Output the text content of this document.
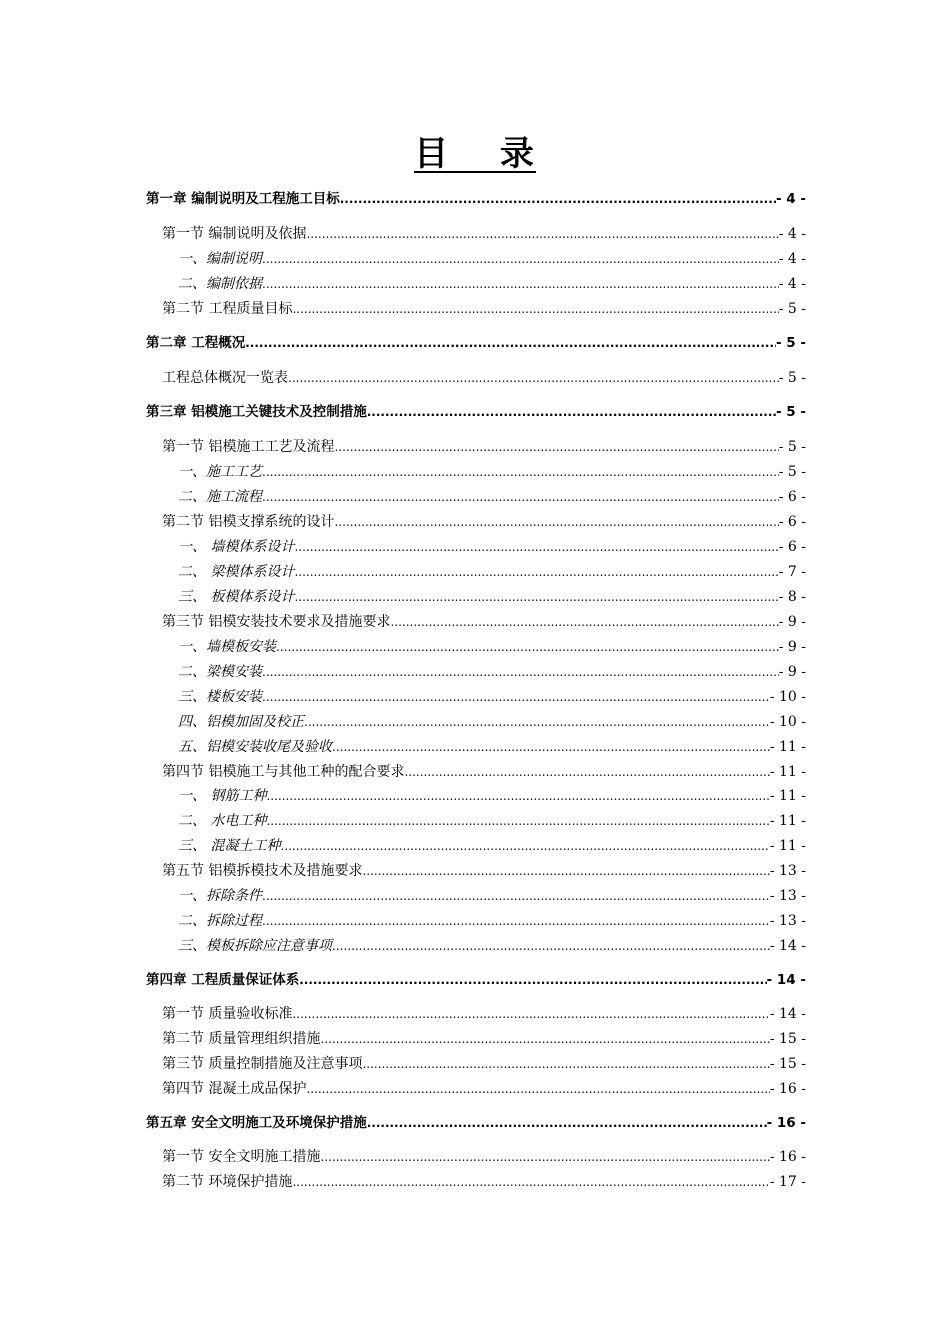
目　 录
第一章 编制说明及工程施工目标 .....	- 4 -
第一节 编制说明及依据 .....	- 4 -
一、编制说明 .....	- 4 -
二、编制依据 .....	- 4 -
第二节 工程质量目标 .....	- 5 -
第二章 工程概况 .....	- 5 -
工程总体概况一览表 .....	- 5 -
第三章 铝模施工关键技术及控制措施 .....	- 5 -
第一节 铝模施工工艺及流程 .....	- 5 -
一、施工工艺 .....	- 5 -
二、施工流程 .....	- 6 -
第二节 铝模支撑系统的设计 .....	- 6 -
一、 墙模体系设计 .....	- 6 -
二、 梁模体系设计 .....	- 7 -
三、 板模体系设计 .....	- 8 -
第三节 铝模安装技术要求及措施要求 .....	- 9 -
一、墙模板安装 .....	- 9 -
二、梁模安装 .....	- 9 -
三、楼板安装 .....	- 10 -
四、铝模加固及校正 .....	- 10 -
五、铝模安装收尾及验收 .....	- 11 -
第四节 铝模施工与其他工种的配合要求 .....	- 11 -
一、 钢筋工种 .....	- 11 -
二、 水电工种 .....	- 11 -
三、 混凝土工种 .....	- 11 -
第五节 铝模拆模技术及措施要求 .....	- 13 -
一、拆除条件 .....	- 13 -
二、拆除过程 .....	- 13 -
三、模板拆除应注意事项 .....	- 14 -
第四章 工程质量保证体系 .....	- 14 -
第一节 质量验收标准 .....	- 14 -
第二节 质量管理组织措施 .....	- 15 -
第三节 质量控制措施及注意事项 .....	- 15 -
第四节 混凝土成品保护 .....	- 16 -
第五章 安全文明施工及环境保护措施 .....	- 16 -
第一节 安全文明施工措施 .....	- 16 -
第二节 环境保护措施 .....	- 17 -
